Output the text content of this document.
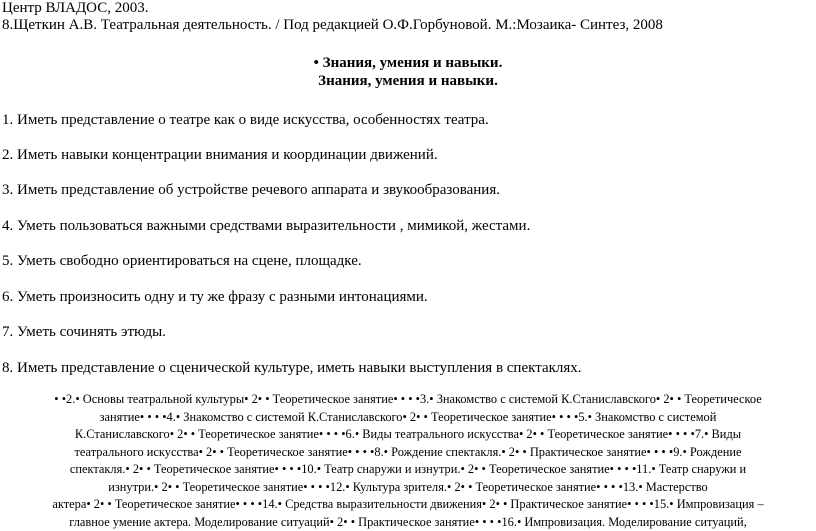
Центр ВЛАДОС, 2003.
8.Щеткин А.В. Театральная деятельность. / Под редакцией О.Ф.Горбуновой. М.:Мозаика- Синтез, 2008
• Знания, умения и навыки.
Знания, умения и навыки.
1. Иметь представление о театре как о виде искусства, особенностях театра.
2. Иметь навыки концентрации внимания и координации движений.
3. Иметь представление об устройстве речевого аппарата и звукообразования.
4. Уметь пользоваться важными средствами выразительности , мимикой, жестами.
5. Уметь свободно ориентироваться на сцене, площадке.
6. Уметь произносить одну и ту же фразу с разными интонациями.
7. Уметь сочинять этюды.
8. Иметь представление о сценической культуре, иметь навыки выступления в спектаклях.

• •2.• Основы театральной культуры• 2• • Теоретическое занятие• • • •3.• Знакомство с системой К.Станиславского• 2• • Теоретическое

занятие• • • •4.• Знакомство с системой К.Станиславского• 2• • Теоретическое занятие• • • •5.• Знакомство с системой

К.Станиславского• 2• • Теоретическое занятие• • • •6.• Виды театрального искусства• 2• • Теоретическое занятие• • • •7.• Виды

театрального искусства• 2• • Теоретическое занятие• • • •8.• Рождение спектакля.• 2• • Практическое занятие• • • •9.• Рождение

спектакля.• 2• • Теоретическое занятие• • • •10.• Театр снаружи и изнутри.• 2• • Теоретическое занятие• • • •11.• Театр снаружи и

изнутри.• 2• • Теоретическое занятие• • • •12.• Культура зрителя.• 2• • Теоретическое занятие• • • •13.• Мастерство

актера• 2• • Теоретическое занятие• • • •14.• Средства выразительности движения• 2• • Практическое занятие• • • •15.• Импровизация –

главное умение актера. Моделирование ситуаций• 2• • Практическое занятие• • • •16.• Импровизация. Моделирование ситуаций,
